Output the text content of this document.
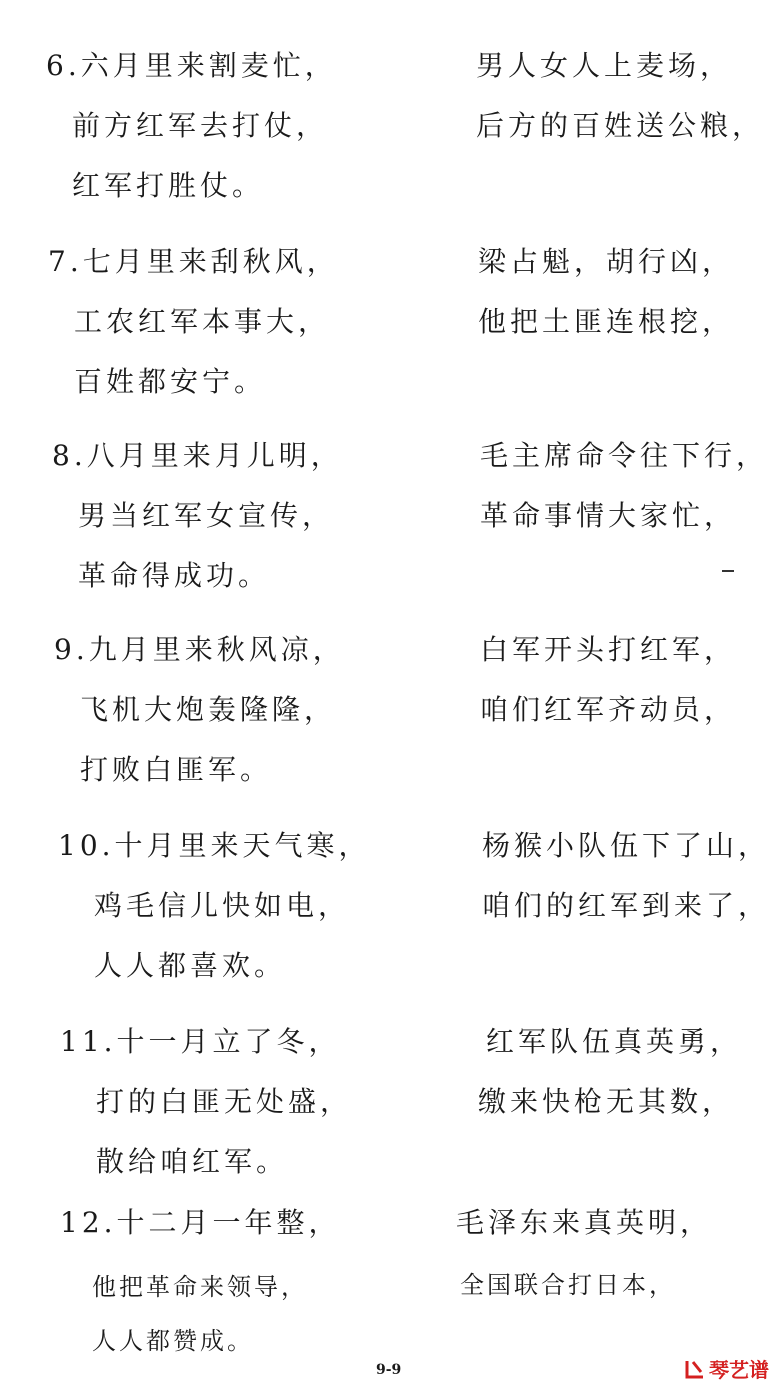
6.六月里来割麦忙，
前方红军去打仗，
红军打胜仗。
男人女人上麦场，
后方的百姓送公粮，
7.七月里来刮秋风，
工农红军本事大，
百姓都安宁。
梁占魁，胡行凶，
他把土匪连根挖，
8.八月里来月儿明，
男当红军女宣传，
革命得成功。
毛主席命令往下行，
革命事情大家忙，
9.九月里来秋风凉，
飞机大炮轰隆隆，
打败白匪军。
白军开头打红军，
咱们红军齐动员，
10.十月里来天气寒，
鸡毛信儿快如电，
人人都喜欢。
杨猴小队伍下了山，
咱们的红军到来了，
11.十一月立了冬，
打的白匪无处盛，
散给咱红军。
红军队伍真英勇，
缴来快枪无其数，
12.十二月一年整，
他把革命来领导，
人人都赞成。
毛泽东来真英明，
全国联合打日本，
9-9	琴艺谱
